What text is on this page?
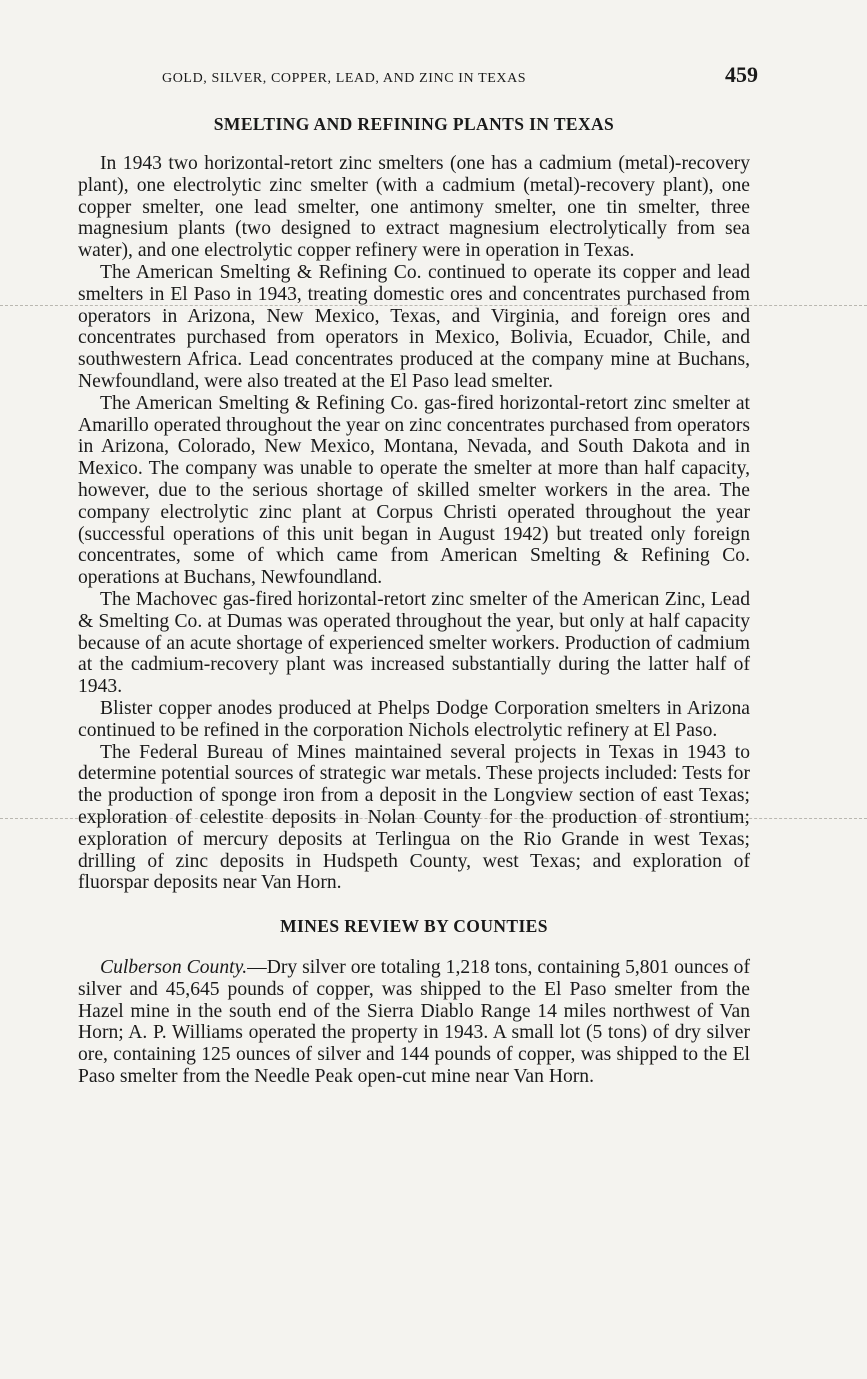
GOLD, SILVER, COPPER, LEAD, AND ZINC IN TEXAS	459
SMELTING AND REFINING PLANTS IN TEXAS

In 1943 two horizontal-retort zinc smelters (one has a cadmium (metal)-recovery plant), one electrolytic zinc smelter (with a cadmium (metal)-recovery plant), one copper smelter, one lead smelter, one antimony smelter, one tin smelter, three magnesium plants (two designed to extract magnesium electrolytically from sea water), and one electrolytic copper refinery were in operation in Texas.

The American Smelting & Refining Co. continued to operate its copper and lead smelters in El Paso in 1943, treating domestic ores and concentrates purchased from operators in Arizona, New Mexico, Texas, and Virginia, and foreign ores and concentrates purchased from operators in Mexico, Bolivia, Ecuador, Chile, and southwestern Africa. Lead concentrates produced at the company mine at Buchans, Newfoundland, were also treated at the El Paso lead smelter.

The American Smelting & Refining Co. gas-fired horizontal-retort zinc smelter at Amarillo operated throughout the year on zinc concentrates purchased from operators in Arizona, Colorado, New Mexico, Montana, Nevada, and South Dakota and in Mexico. The company was unable to operate the smelter at more than half capacity, however, due to the serious shortage of skilled smelter workers in the area. The company electrolytic zinc plant at Corpus Christi operated throughout the year (successful operations of this unit began in August 1942) but treated only foreign concentrates, some of which came from American Smelting & Refining Co. operations at Buchans, Newfoundland.

The Machovec gas-fired horizontal-retort zinc smelter of the American Zinc, Lead & Smelting Co. at Dumas was operated throughout the year, but only at half capacity because of an acute shortage of experienced smelter workers. Production of cadmium at the cadmium-recovery plant was increased substantially during the latter half of 1943.

Blister copper anodes produced at Phelps Dodge Corporation smelters in Arizona continued to be refined in the corporation Nichols electrolytic refinery at El Paso.

The Federal Bureau of Mines maintained several projects in Texas in 1943 to determine potential sources of strategic war metals. These projects included: Tests for the production of sponge iron from a deposit in the Longview section of east Texas; exploration of celestite deposits in Nolan County for the production of strontium; exploration of mercury deposits at Terlingua on the Rio Grande in west Texas; drilling of zinc deposits in Hudspeth County, west Texas; and exploration of fluorspar deposits near Van Horn.

MINES REVIEW BY COUNTIES

Culberson County.—Dry silver ore totaling 1,218 tons, containing 5,801 ounces of silver and 45,645 pounds of copper, was shipped to the El Paso smelter from the Hazel mine in the south end of the Sierra Diablo Range 14 miles northwest of Van Horn; A. P. Williams operated the property in 1943. A small lot (5 tons) of dry silver ore, containing 125 ounces of silver and 144 pounds of copper, was shipped to the El Paso smelter from the Needle Peak open-cut mine near Van Horn.
